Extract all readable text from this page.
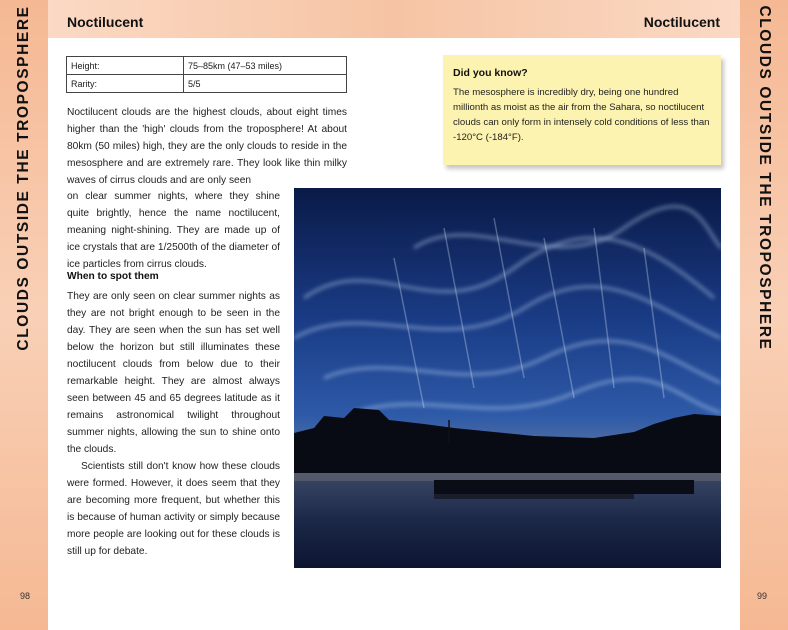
CLOUDS OUTSIDE THE TROPOSPHERE	CLOUDS OUTSIDE THE TROPOSPHERE
Noctilucent	Noctilucent
98	99
Height:	75–85km (47–53 miles)
Rarity:	5/5

Noctilucent clouds are the highest clouds, about eight times higher than the 'high' clouds from the troposphere! At about 80km (50 miles) high, they are the only clouds to reside in the mesosphere and are extremely rare. They look like thin milky waves of cirrus clouds and are only seen

on clear summer nights, where they shine quite brightly, hence the name noctilucent, meaning night-shining. They are made up of ice crystals that are 1/2500th of the diameter of ice particles from cirrus clouds.

When to spot them

They are only seen on clear summer nights as they are not bright enough to be seen in the day. They are seen when the sun has set well below the horizon but still illuminates these noctilucent clouds from below due to their remarkable height. They are almost always seen between 45 and 65 degrees latitude as it remains astronomical twilight throughout summer nights, allowing the sun to shine onto the clouds.

Scientists still don't know how these clouds were formed. However, it does seem that they are becoming more frequent, but whether this is because of human activity or simply because more people are looking out for these clouds is still up for debate.

Did you know?
The mesosphere is incredibly dry, being one hundred millionth as moist as the air from the Sahara, so noctilucent clouds can only form in intensely cold conditions of less than -120°C (-184°F).
